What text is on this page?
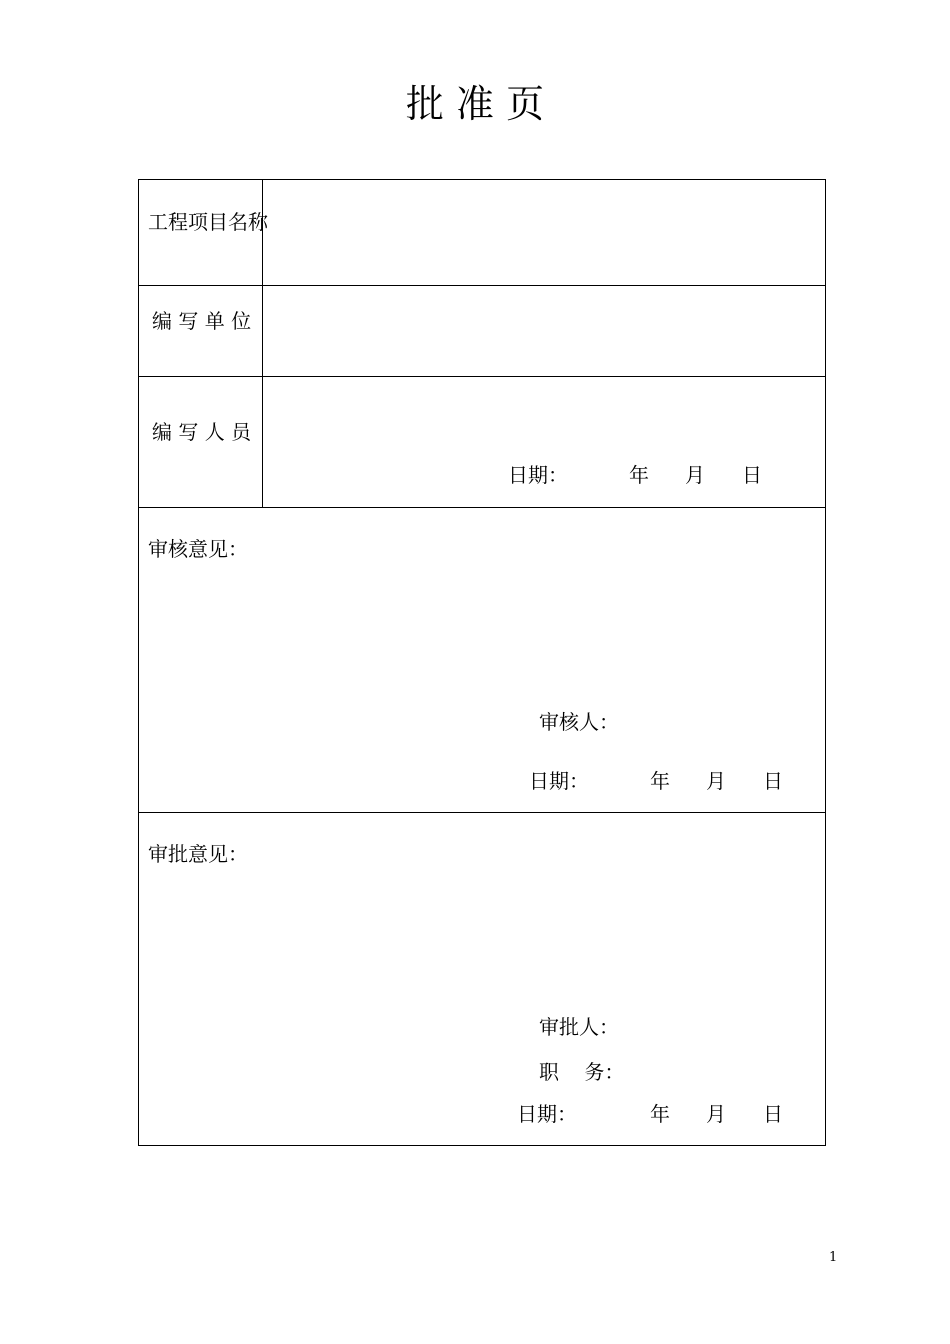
批 准 页
工程项目名称
编 写 单 位
编 写 人 员
日期：	年 月 日
审核意见：
审核人：
日期：	年 月 日
审批意见：
审批人：
职    务：
日期：	年 月 日
1
